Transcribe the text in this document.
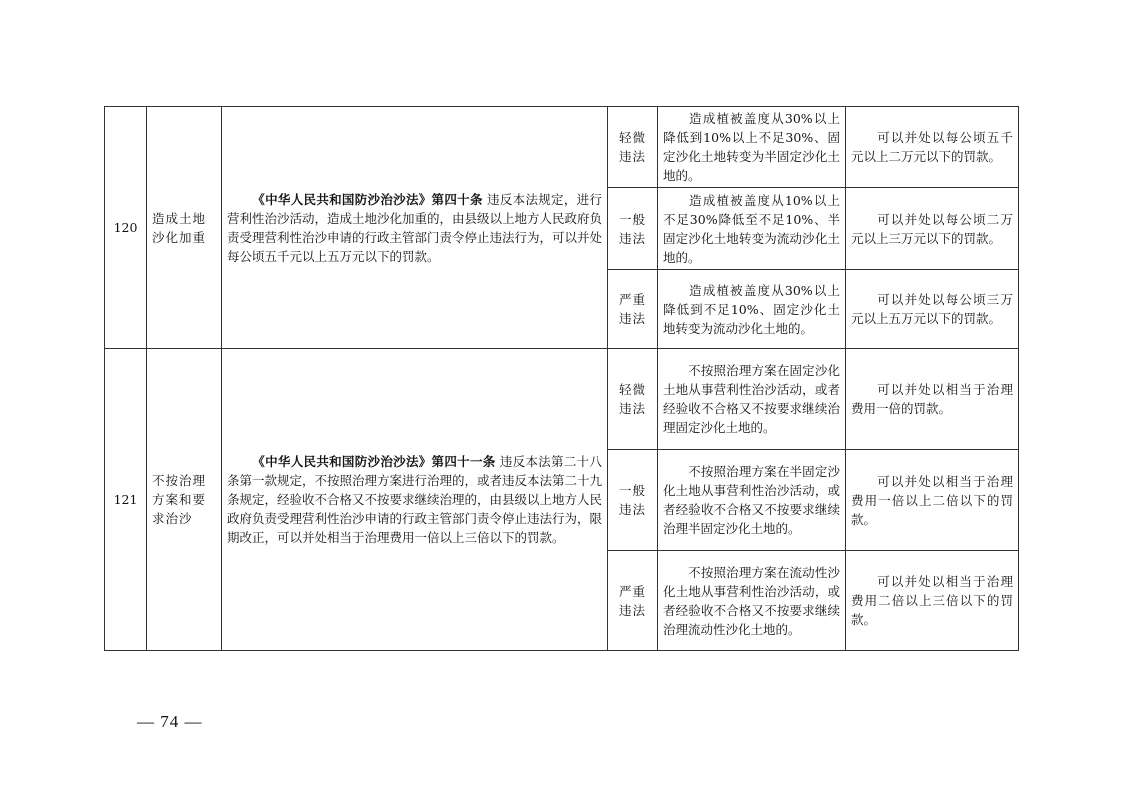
120	造成土地沙化加重	《中华人民共和国防沙治沙法》第四十条 违反本法规定，进行营利性治沙活动，造成土地沙化加重的，由县级以上地方人民政府负责受理营利性治沙申请的行政主管部门责令停止违法行为，可以并处每公顷五千元以上五万元以下的罚款。	轻微违法	造成植被盖度从30%以上降低到10%以上不足30%、固定沙化土地转变为半固定沙化土地的。	可以并处以每公顷五千元以上二万元以下的罚款。
			一般违法	造成植被盖度从10%以上不足30%降低至不足10%、半固定沙化土地转变为流动沙化土地的。	可以并处以每公顷二万元以上三万元以下的罚款。
			严重违法	造成植被盖度从30%以上降低到不足10%、固定沙化土地转变为流动沙化土地的。	可以并处以每公顷三万元以上五万元以下的罚款。
121	不按治理方案和要求治沙	《中华人民共和国防沙治沙法》第四十一条 违反本法第二十八条第一款规定，不按照治理方案进行治理的，或者违反本法第二十九条规定，经验收不合格又不按要求继续治理的，由县级以上地方人民政府负责受理营利性治沙申请的行政主管部门责令停止违法行为，限期改正，可以并处相当于治理费用一倍以上三倍以下的罚款。	轻微违法	不按照治理方案在固定沙化土地从事营利性治沙活动，或者经验收不合格又不按要求继续治理固定沙化土地的。	可以并处以相当于治理费用一倍的罚款。
			一般违法	不按照治理方案在半固定沙化土地从事营利性治沙活动，或者经验收不合格又不按要求继续治理半固定沙化土地的。	可以并处以相当于治理费用一倍以上二倍以下的罚款。
			严重违法	不按照治理方案在流动性沙化土地从事营利性治沙活动，或者经验收不合格又不按要求继续治理流动性沙化土地的。	可以并处以相当于治理费用二倍以上三倍以下的罚款。
— 74 —
